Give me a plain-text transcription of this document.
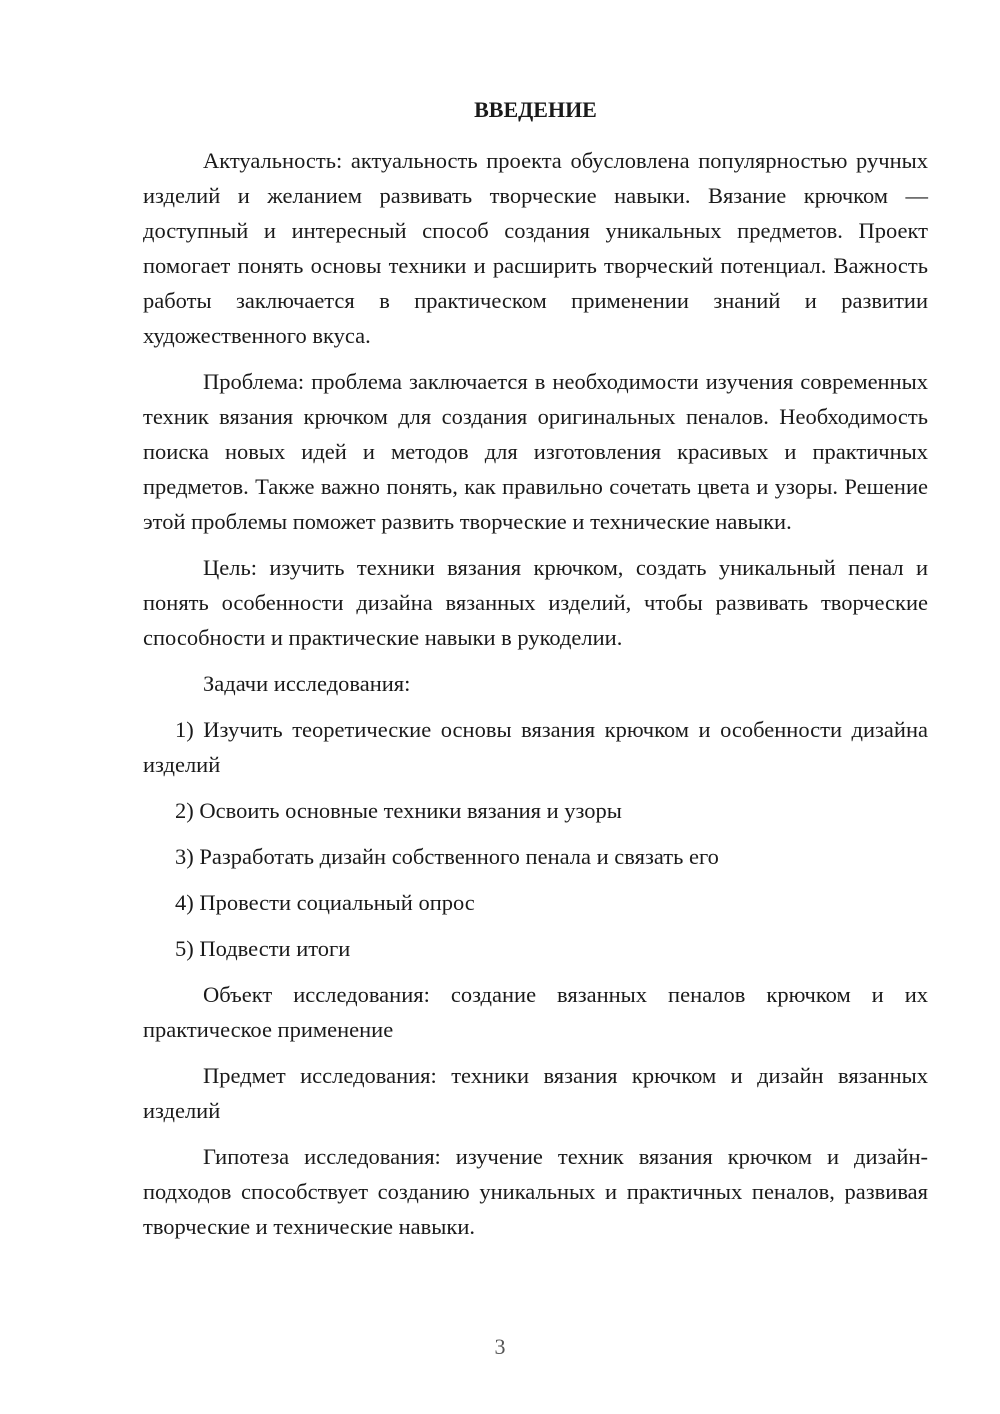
ВВЕДЕНИЕ

Актуальность: актуальность проекта обусловлена популярностью ручных изделий и желанием развивать творческие навыки. Вязание крючком — доступный и интересный способ создания уникальных предметов. Проект помогает понять основы техники и расширить творческий потенциал. Важность работы заключается в практическом применении знаний и развитии художественного вкуса.

Проблема: проблема заключается в необходимости изучения современных техник вязания крючком для создания оригинальных пеналов. Необходимость поиска новых идей и методов для изготовления красивых и практичных предметов. Также важно понять, как правильно сочетать цвета и узоры. Решение этой проблемы поможет развить творческие и технические навыки.

Цель: изучить техники вязания крючком, создать уникальный пенал и понять особенности дизайна вязанных изделий, чтобы развивать творческие способности и практические навыки в рукоделии.

Задачи исследования:

1) Изучить теоретические основы вязания крючком и особенности дизайна изделий

2) Освоить основные техники вязания и узоры

3) Разработать дизайн собственного пенала и связать его

4) Провести социальный опрос

5) Подвести итоги

Объект исследования: создание вязанных пеналов крючком и их практическое применение

Предмет исследования: техники вязания крючком и дизайн вязанных изделий

Гипотеза исследования: изучение техник вязания крючком и дизайн-подходов способствует созданию уникальных и практичных пеналов, развивая творческие и технические навыки.

3
